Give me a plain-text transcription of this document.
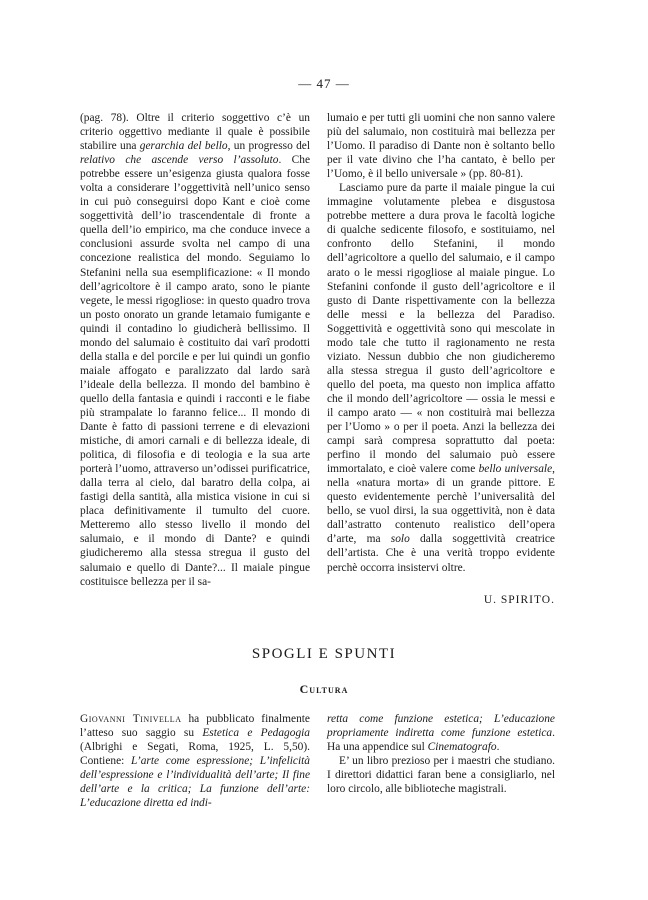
— 47 —

(pag. 78). Oltre il criterio soggettivo c’è un criterio oggettivo mediante il quale è possibile stabilire una gerarchia del bello, un progresso del relativo che ascende verso l’assoluto. Che potrebbe essere un’esigenza giusta qualora fosse volta a considerare l’oggettività nell’unico senso in cui può conseguirsi dopo Kant e cioè come soggettività dell’io trascendentale di fronte a quella dell’io empirico, ma che conduce invece a conclusioni assurde svolta nel campo di una concezione realistica del mondo. Seguiamo lo Stefanini nella sua esemplificazione: « Il mondo dell’agricoltore è il campo arato, sono le piante vegete, le messi rigogliose: in questo quadro trova un posto onorato un grande letamaio fumigante e quindi il contadino lo giudicherà bellissimo. Il mondo del salumaio è costituito dai varî prodotti della stalla e del porcile e per lui quindi un gonfio maiale affogato e paralizzato dal lardo sarà l’ideale della bellezza. Il mondo del bambino è quello della fantasia e quindi i racconti e le fiabe più strampalate lo faranno felice... Il mondo di Dante è fatto di passioni terrene e di elevazioni mistiche, di amori carnali e di bellezza ideale, di politica, di filosofia e di teologia e la sua arte porterà l’uomo, attraverso un’odissei purificatrice, dalla terra al cielo, dal baratro della colpa, ai fastigi della santità, alla mistica visione in cui si placa definitivamente il tumulto del cuore. Metteremo allo stesso livello il mondo del salumaio, e il mondo di Dante? e quindi giudicheremo alla stessa stregua il gusto del salumaio e quello di Dante?... Il maiale pingue costituisce bellezza per il sa-

lumaio e per tutti gli uomini che non sanno valere più del salumaio, non costituirà mai bellezza per l’Uomo. Il paradiso di Dante non è soltanto bello per il vate divino che l’ha cantato, è bello per l’Uomo, è il bello universale » (pp. 80-81).

Lasciamo pure da parte il maiale pingue la cui immagine volutamente plebea e disgustosa potrebbe mettere a dura prova le facoltà logiche di qualche sedicente filosofo, e sostituiamo, nel confronto dello Stefanini, il mondo dell’agricoltore a quello del salumaio, e il campo arato o le messi rigogliose al maiale pingue. Lo Stefanini confonde il gusto dell’agricoltore e il gusto di Dante rispettivamente con la bellezza delle messi e la bellezza del Paradiso. Soggettività e oggettività sono qui mescolate in modo tale che tutto il ragionamento ne resta viziato. Nessun dubbio che non giudicheremo alla stessa stregua il gusto dell’agricoltore e quello del poeta, ma questo non implica affatto che il mondo dell’agricoltore — ossia le messi e il campo arato — « non costituirà mai bellezza per l’Uomo » o per il poeta. Anzi la bellezza dei campi sarà compresa soprattutto dal poeta: perfino il mondo del salumaio può essere immortalato, e cioè valere come bello universale, nella «natura morta» di un grande pittore. E questo evidentemente perchè l’universalità del bello, se vuol dirsi, la sua oggettività, non è data dall’astratto contenuto realistico dell’opera d’arte, ma solo dalla soggettività creatrice dell’artista. Che è una verità troppo evidente perchè occorra insistervi oltre.

U. SPIRITO.
SPOGLI E SPUNTI
Cultura

Giovanni Tinivella ha pubblicato finalmente l’atteso suo saggio su Estetica e Pedagogia (Albrighi e Segati, Roma, 1925, L. 5,50). Contiene: L’arte come espressione; L’infelicità dell’espressione e l’individualità dell’arte; Il fine dell’arte e la critica; La funzione dell’arte: L’educazione diretta ed indi-

retta come funzione estetica; L’educazione propriamente indiretta come funzione estetica. Ha una appendice sul Cinematografo.

E’ un libro prezioso per i maestri che studiano. I direttori didattici faran bene a consigliarlo, nel loro circolo, alle biblioteche magistrali.
